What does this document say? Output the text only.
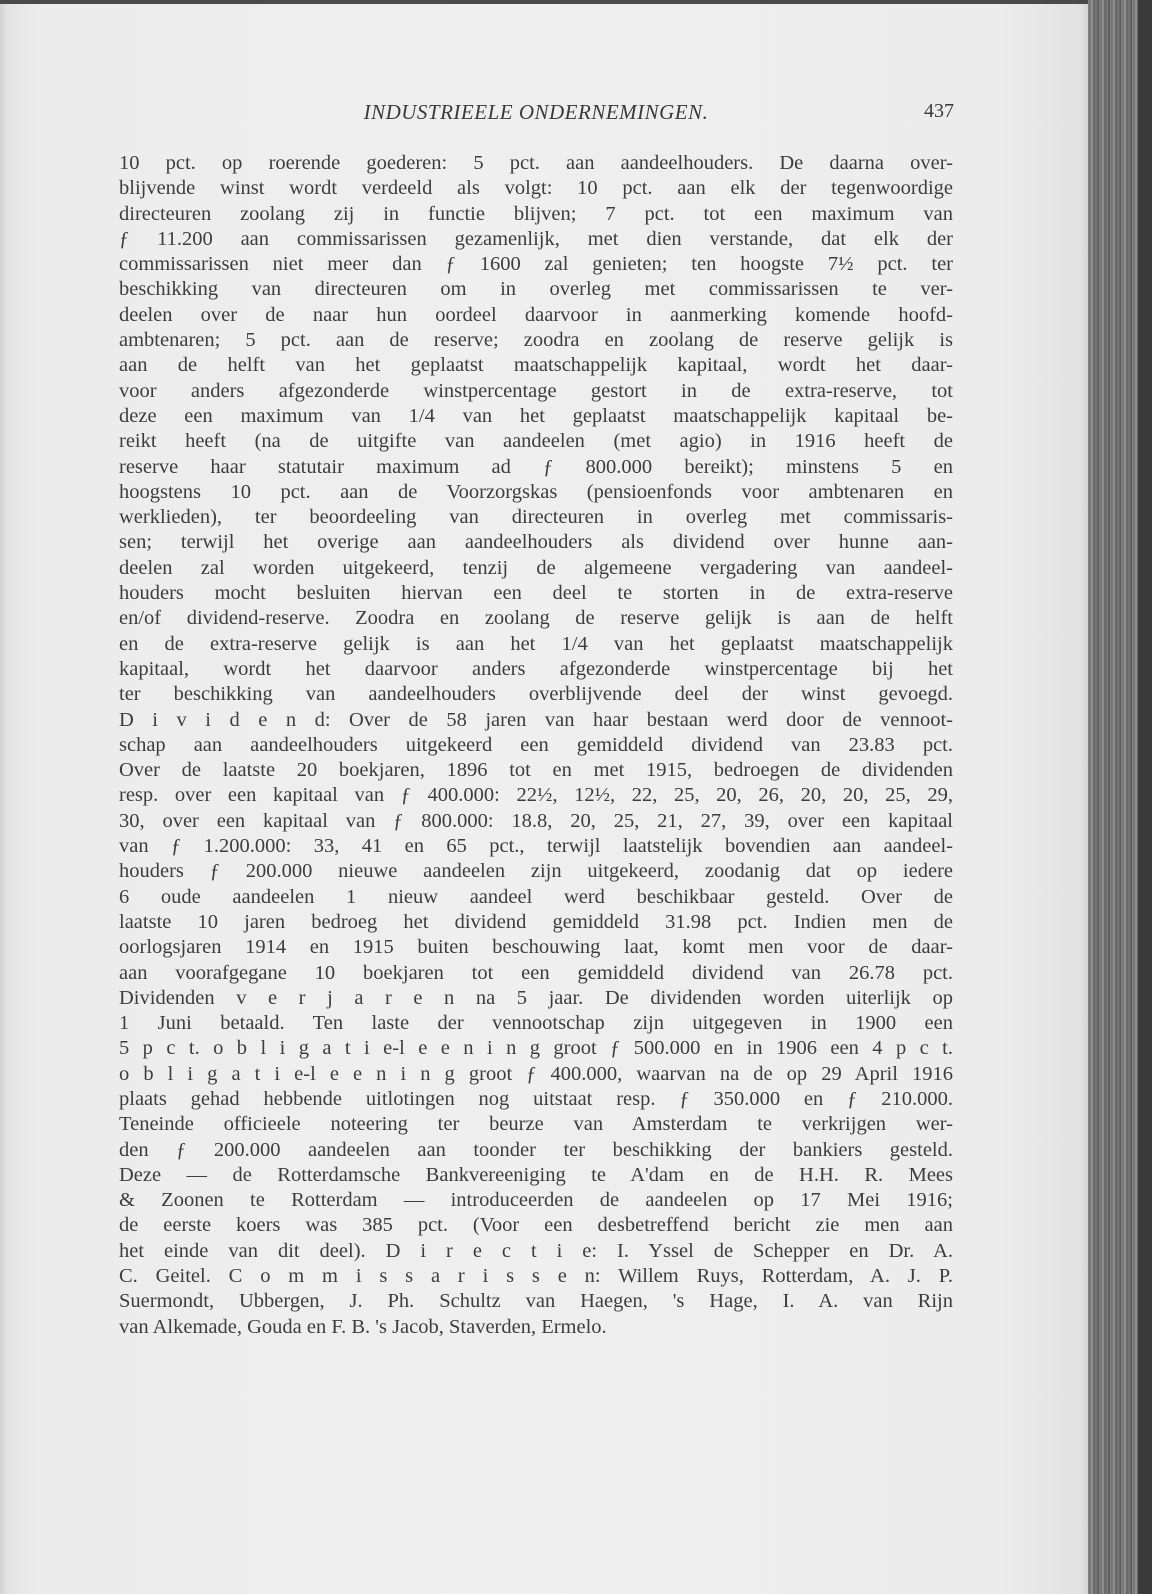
INDUSTRIEELE ONDERNEMINGEN.	437
10 pct. op roerende goederen: 5 pct. aan aandeelhouders. De daarna over-
blijvende winst wordt verdeeld als volgt: 10 pct. aan elk der tegenwoordige
directeuren zoolang zij in functie blijven; 7 pct. tot een maximum van
ƒ 11.200 aan commissarissen gezamenlijk, met dien verstande, dat elk der
commissarissen niet meer dan ƒ 1600 zal genieten; ten hoogste 7½ pct. ter
beschikking van directeuren om in overleg met commissarissen te ver-
deelen over de naar hun oordeel daarvoor in aanmerking komende hoofd-
ambtenaren; 5 pct. aan de reserve; zoodra en zoolang de reserve gelijk is
aan de helft van het geplaatst maatschappelijk kapitaal, wordt het daar-
voor anders afgezonderde winstpercentage gestort in de extra-reserve, tot
deze een maximum van 1/4 van het geplaatst maatschappelijk kapitaal be-
reikt heeft (na de uitgifte van aandeelen (met agio) in 1916 heeft de
reserve haar statutair maximum ad ƒ 800.000 bereikt); minstens 5 en
hoogstens 10 pct. aan de Voorzorgskas (pensioenfonds voor ambtenaren en
werklieden), ter beoordeeling van directeuren in overleg met commissaris-
sen; terwijl het overige aan aandeelhouders als dividend over hunne aan-
deelen zal worden uitgekeerd, tenzij de algemeene vergadering van aandeel-
houders mocht besluiten hiervan een deel te storten in de extra-reserve
en/of dividend-reserve. Zoodra en zoolang de reserve gelijk is aan de helft
en de extra-reserve gelijk is aan het 1/4 van het geplaatst maatschappelijk
kapitaal, wordt het daarvoor anders afgezonderde winstpercentage bij het
ter beschikking van aandeelhouders overblijvende deel der winst gevoegd.
D i v i d e n d: Over de 58 jaren van haar bestaan werd door de vennoot-
schap aan aandeelhouders uitgekeerd een gemiddeld dividend van 23.83 pct.
Over de laatste 20 boekjaren, 1896 tot en met 1915, bedroegen de dividenden
resp. over een kapitaal van ƒ 400.000: 22½, 12½, 22, 25, 20, 26, 20, 20, 25, 29,
30, over een kapitaal van ƒ 800.000: 18.8, 20, 25, 21, 27, 39, over een kapitaal
van ƒ 1.200.000: 33, 41 en 65 pct., terwijl laatstelijk bovendien aan aandeel-
houders ƒ 200.000 nieuwe aandeelen zijn uitgekeerd, zoodanig dat op iedere
6 oude aandeelen 1 nieuw aandeel werd beschikbaar gesteld. Over de
laatste 10 jaren bedroeg het dividend gemiddeld 31.98 pct. Indien men de
oorlogsjaren 1914 en 1915 buiten beschouwing laat, komt men voor de daar-
aan voorafgegane 10 boekjaren tot een gemiddeld dividend van 26.78 pct.
Dividenden v e r j a r e n na 5 jaar. De dividenden worden uiterlijk op
1 Juni betaald. Ten laste der vennootschap zijn uitgegeven in 1900 een
5 p c t. o b l i g a t i e-l e e n i n g groot ƒ 500.000 en in 1906 een 4 p c t.
o b l i g a t i e-l e e n i n g groot ƒ 400.000, waarvan na de op 29 April 1916
plaats gehad hebbende uitlotingen nog uitstaat resp. ƒ 350.000 en ƒ 210.000.
Teneinde officieele noteering ter beurze van Amsterdam te verkrijgen wer-
den ƒ 200.000 aandeelen aan toonder ter beschikking der bankiers gesteld.
Deze — de Rotterdamsche Bankvereeniging te A'dam en de H.H. R. Mees
& Zoonen te Rotterdam — introduceerden de aandeelen op 17 Mei 1916;
de eerste koers was 385 pct. (Voor een desbetreffend bericht zie men aan
het einde van dit deel). D i r e c t i e: I. Yssel de Schepper en Dr. A.
C. Geitel. C o m m i s s a r i s s e n: Willem Ruys, Rotterdam, A. J. P.
Suermondt, Ubbergen, J. Ph. Schultz van Haegen, 's Hage, I. A. van Rijn
van Alkemade, Gouda en F. B. 's Jacob, Staverden, Ermelo.
